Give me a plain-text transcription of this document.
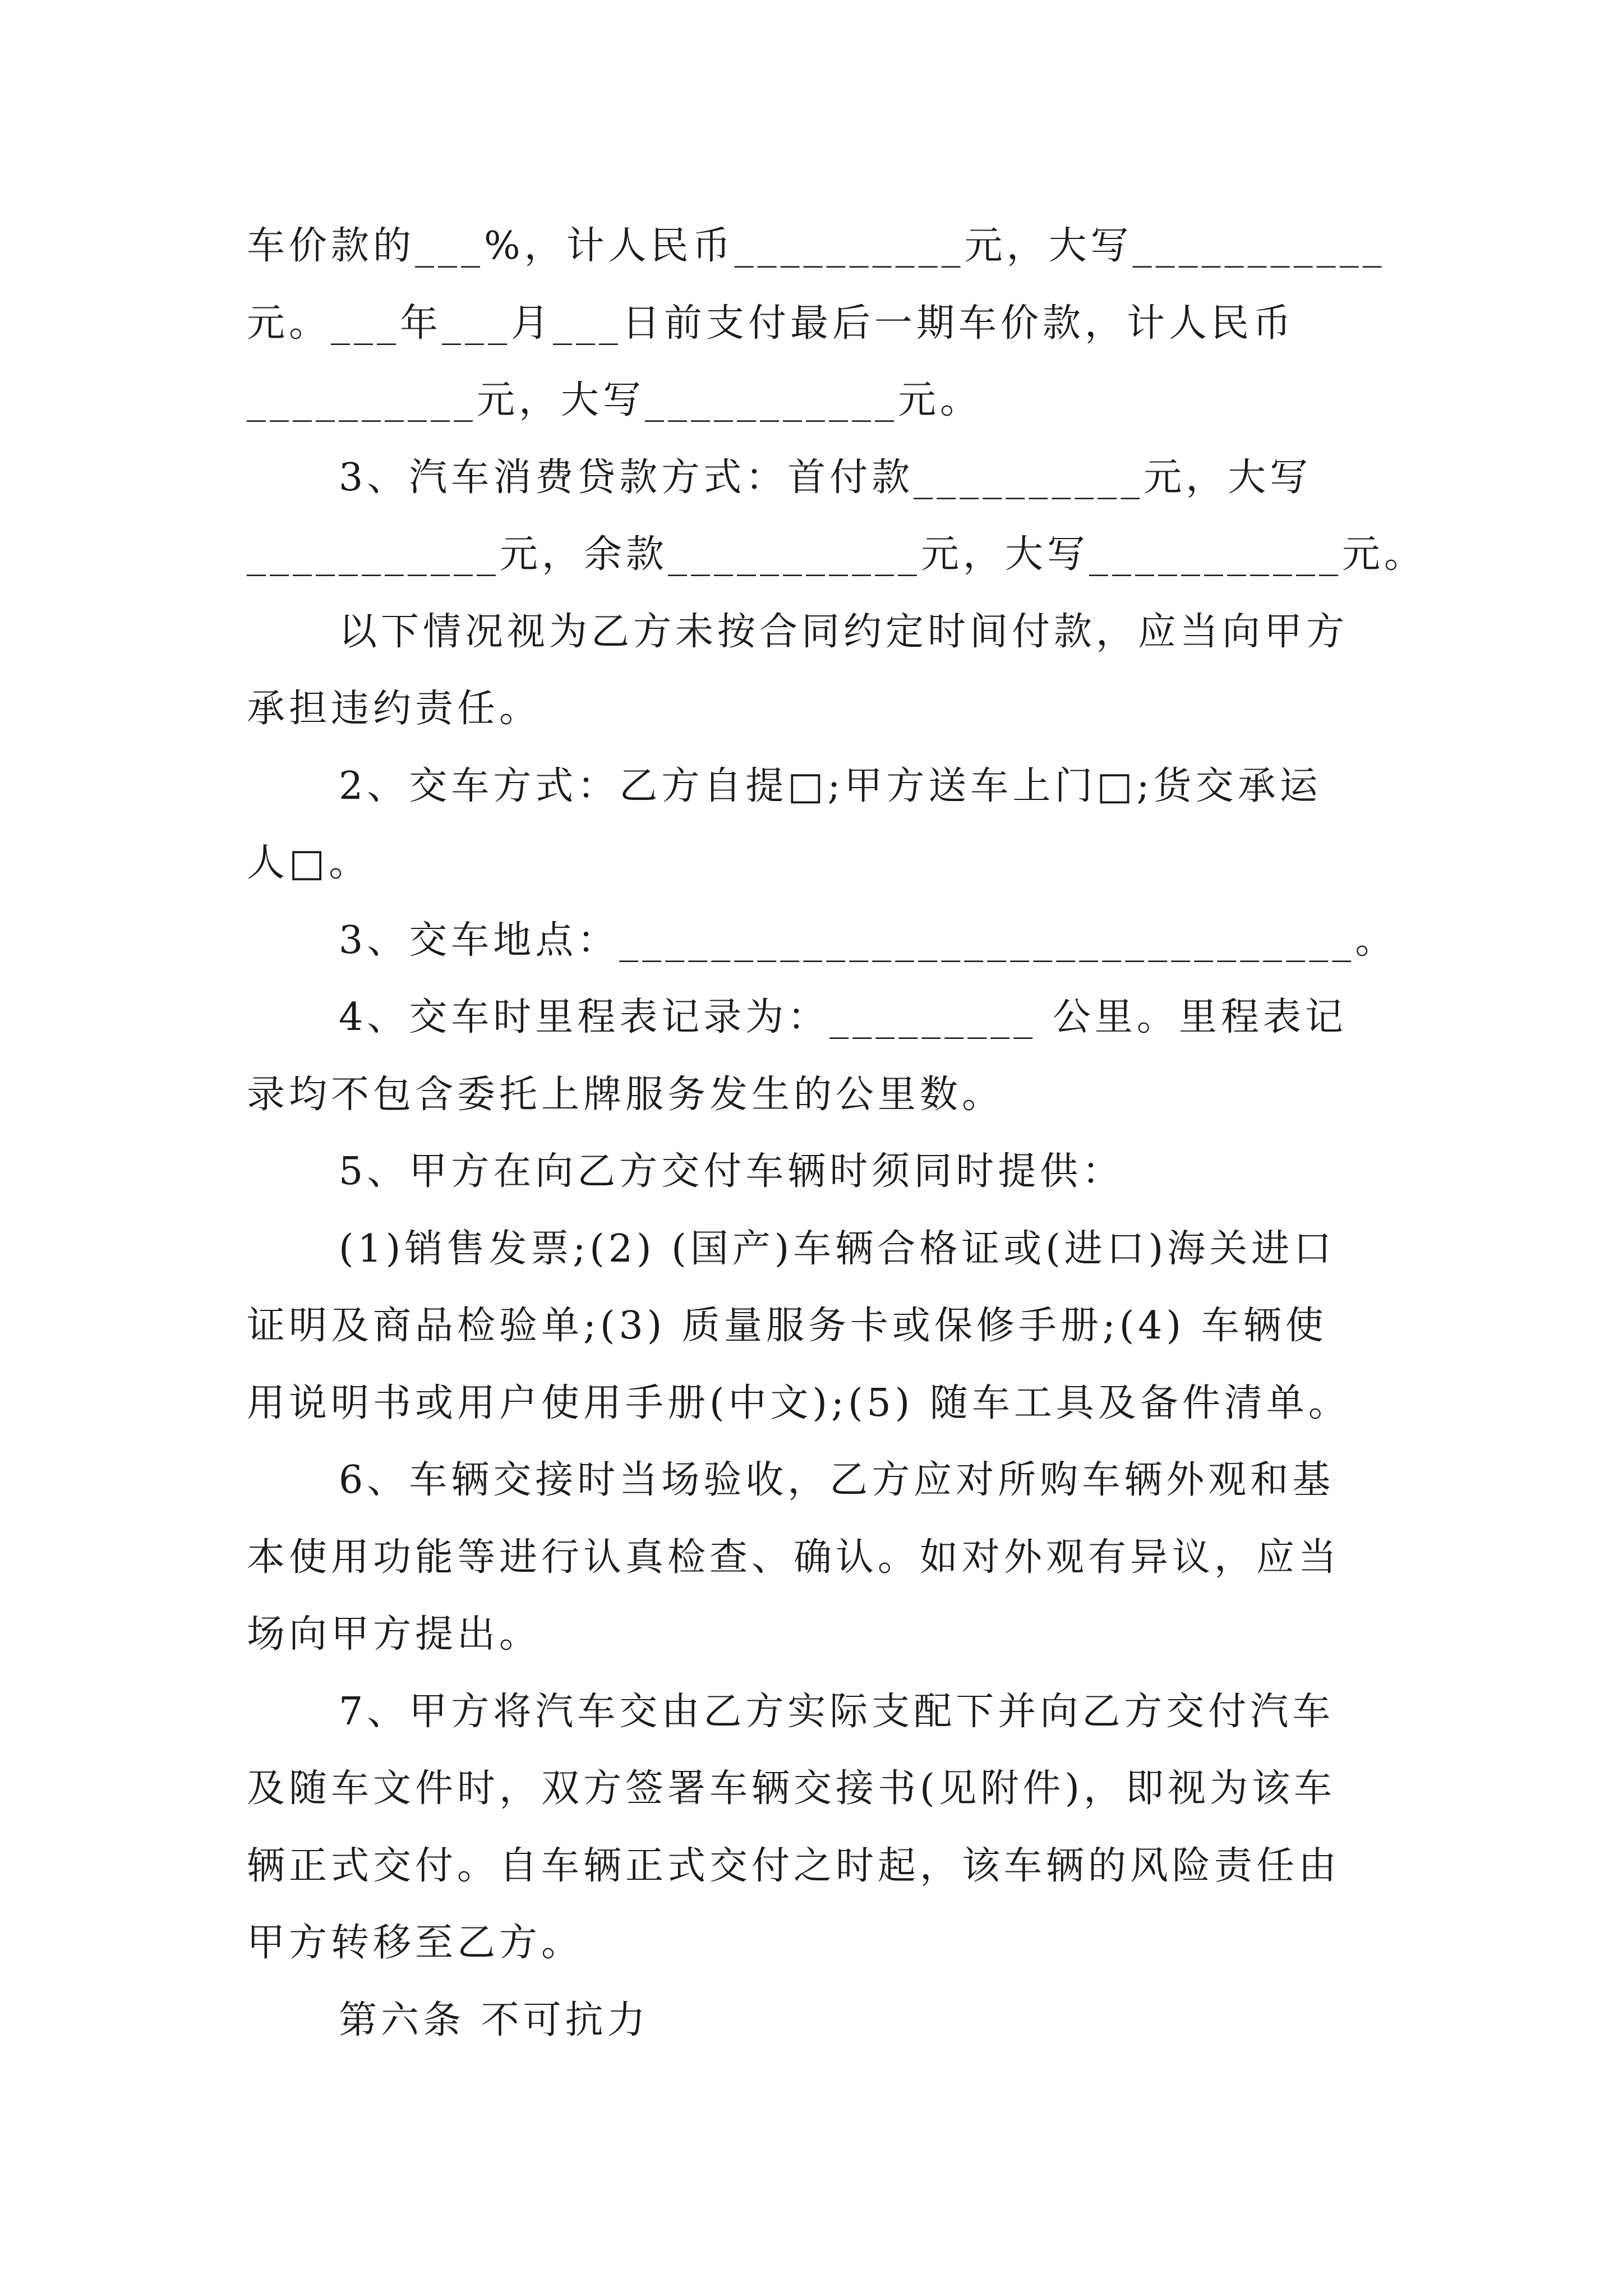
车价款的___%，计人民币__________元，大写___________
元。___年___月___日前支付最后一期车价款，计人民币
__________元，大写___________元。
3、汽车消费贷款方式：首付款__________元，大写
___________元，余款___________元，大写___________元。
以下情况视为乙方未按合同约定时间付款，应当向甲方
承担违约责任。
2、交车方式：乙方自提□;甲方送车上门□;货交承运
人□。
3、交车地点：________________________________。
4、交车时里程表记录为：_________ 公里。里程表记
录均不包含委托上牌服务发生的公里数。
5、甲方在向乙方交付车辆时须同时提供：
(1)销售发票;(2) (国产)车辆合格证或(进口)海关进口
证明及商品检验单;(3) 质量服务卡或保修手册;(4) 车辆使
用说明书或用户使用手册(中文);(5) 随车工具及备件清单。
6、车辆交接时当场验收，乙方应对所购车辆外观和基
本使用功能等进行认真检查、确认。如对外观有异议，应当
场向甲方提出。
7、甲方将汽车交由乙方实际支配下并向乙方交付汽车
及随车文件时，双方签署车辆交接书(见附件)，即视为该车
辆正式交付。自车辆正式交付之时起，该车辆的风险责任由
甲方转移至乙方。
第六条 不可抗力
